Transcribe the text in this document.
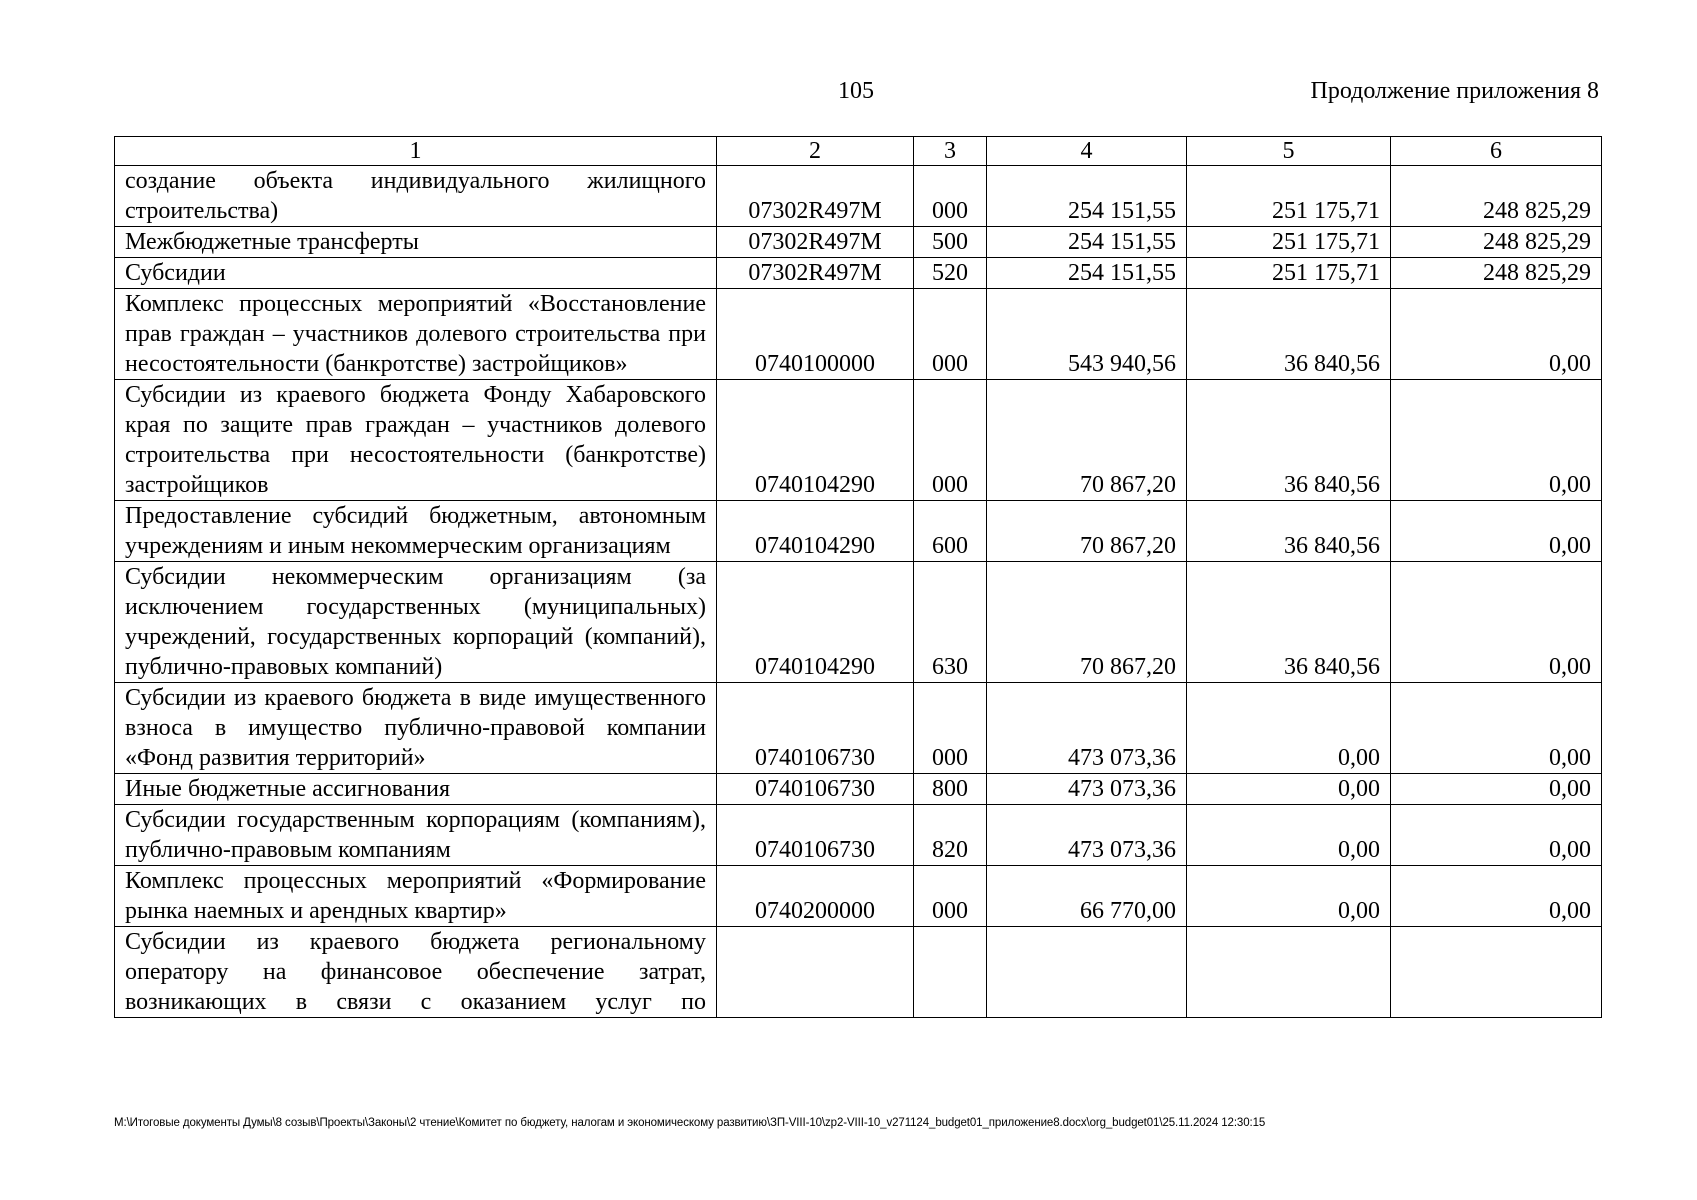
105	Продолжение приложения 8
1	2	3	4	5	6
создание объекта индивидуального жилищного строительства)	07302R497M	000	254 151,55	251 175,71	248 825,29
Межбюджетные трансферты	07302R497M	500	254 151,55	251 175,71	248 825,29
Субсидии	07302R497M	520	254 151,55	251 175,71	248 825,29
Комплекс процессных мероприятий «Восстановление прав граждан – участников долевого строительства при несостоятельности (банкротстве) застройщиков»	0740100000	000	543 940,56	36 840,56	0,00
Субсидии из краевого бюджета Фонду Хабаровского края по защите прав граждан – участников долевого строительства при несостоятельности (банкротстве) застройщиков	0740104290	000	70 867,20	36 840,56	0,00
Предоставление субсидий бюджетным, автономным учреждениям и иным некоммерческим организациям	0740104290	600	70 867,20	36 840,56	0,00
Субсидии некоммерческим организациям (за исключением государственных (муниципальных) учреждений, государственных корпораций (компаний), публично-правовых компаний)	0740104290	630	70 867,20	36 840,56	0,00
Субсидии из краевого бюджета в виде имущественного взноса в имущество публично-правовой компании «Фонд развития территорий»	0740106730	000	473 073,36	0,00	0,00
Иные бюджетные ассигнования	0740106730	800	473 073,36	0,00	0,00
Субсидии государственным корпорациям (компаниям), публично-правовым компаниям	0740106730	820	473 073,36	0,00	0,00
Комплекс процессных мероприятий «Формирование рынка наемных и арендных квартир»	0740200000	000	66 770,00	0,00	0,00
Субсидии из краевого бюджета региональному оператору на финансовое обеспечение затрат, возникающих в связи с оказанием услуг по					
M:\Итоговые документы Думы\8 созыв\Проекты\Законы\2 чтение\Комитет по бюджету, налогам и экономическому развитию\ЗП-VIII-10\zp2-VIII-10_v271124_budget01_приложение8.docx\org_budget01\25.11.2024 12:30:15
